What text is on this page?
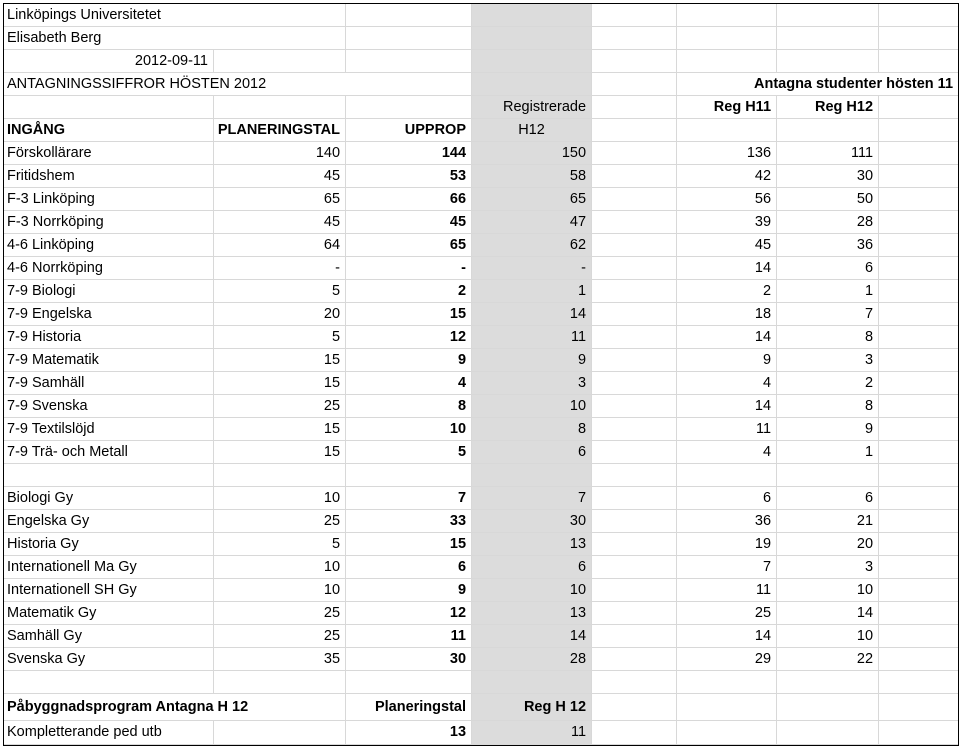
Linköpings Universitetet							
Elisabeth Berg							
2012-09-11							
ANTAGNINGSSIFFROR HÖSTEN 2012					Antagna studenter hösten 11		
			Registrerade		Reg H11	Reg H12	
INGÅNG	PLANERINGSTAL	UPPROP	H12				
Förskollärare	140	144	150		136	111	
Fritidshem	45	53	58		42	30	
F-3 Linköping	65	66	65		56	50	
F-3 Norrköping	45	45	47		39	28	
4-6 Linköping	64	65	62		45	36	
4-6 Norrköping	-	-	-		14	6	
7-9 Biologi	5	2	1		2	1	
7-9 Engelska	20	15	14		18	7	
7-9 Historia	5	12	11		14	8	
7-9 Matematik	15	9	9		9	3	
7-9 Samhäll	15	4	3		4	2	
7-9 Svenska	25	8	10		14	8	
7-9 Textilslöjd	15	10	8		11	9	
7-9 Trä- och Metall	15	5	6		4	1	

Biologi Gy	10	7	7		6	6	
Engelska Gy	25	33	30		36	21	
Historia Gy	5	15	13		19	20	
Internationell Ma Gy	10	6	6		7	3	
Internationell SH Gy	10	9	10		11	10	
Matematik Gy	25	12	13		25	14	
Samhäll Gy	25	11	14		14	10	
Svenska Gy	35	30	28		29	22	

Påbyggnadsprogram Antagna H 12		Planeringstal	Reg H 12				
Kompletterande ped utb		13	11				
